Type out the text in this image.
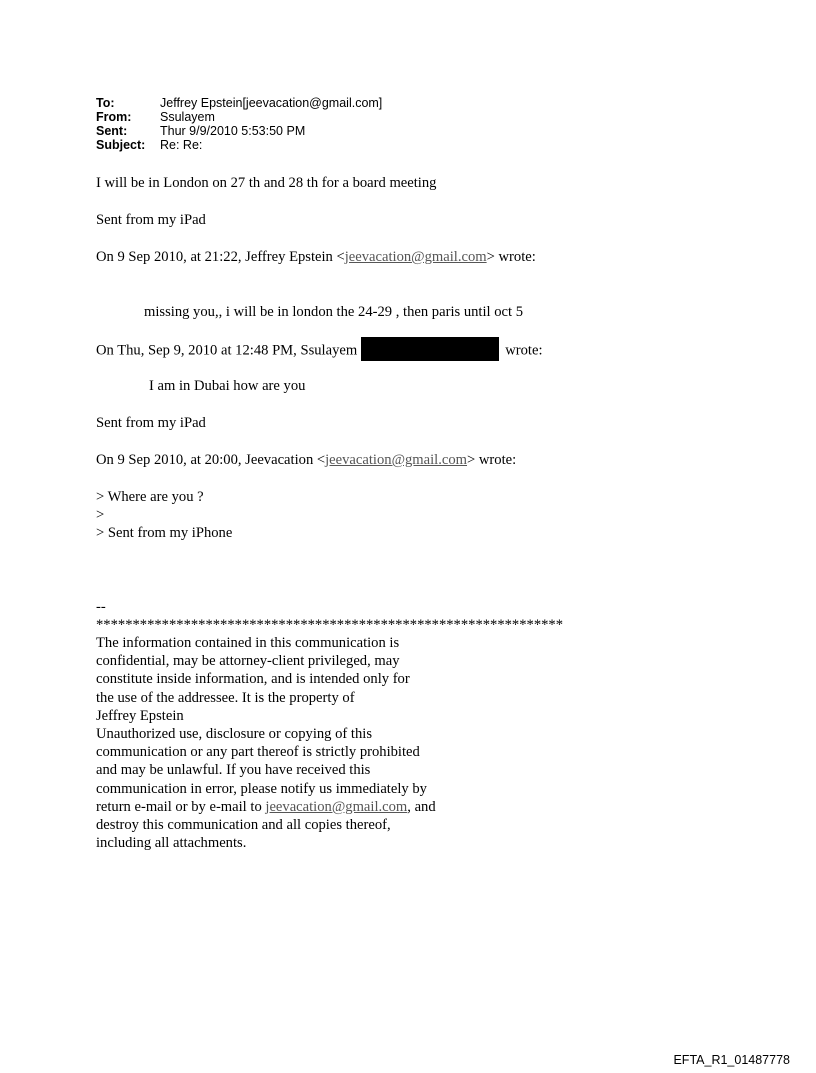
To:	Jeffrey Epstein[jeevacation@gmail.com]
From:	Ssulayem
Sent:	Thur 9/9/2010 5:53:50 PM
Subject:	Re: Re:
I will be in London on 27 th and 28 th for a board meeting
Sent from my iPad
On 9 Sep 2010, at 21:22, Jeffrey Epstein <jeevacation@gmail.com> wrote:
missing you,, i will be in london the 24-29 , then paris until oct 5
On Thu, Sep 9, 2010 at 12:48 PM, Ssulayem	wrote:
I am in Dubai how are you
Sent from my iPad
On 9 Sep 2010, at 20:00, Jeevacation <jeevacation@gmail.com> wrote:
> Where are you ?
>
> Sent from my iPhone
--
****************************************************************
The information contained in this communication is
confidential, may be attorney-client privileged, may
constitute inside information, and is intended only for
the use of the addressee. It is the property of
Jeffrey Epstein
Unauthorized use, disclosure or copying of this
communication or any part thereof is strictly prohibited
and may be unlawful. If you have received this
communication in error, please notify us immediately by
return e-mail or by e-mail to jeevacation@gmail.com, and
destroy this communication and all copies thereof,
including all attachments.
EFTA_R1_01487778
